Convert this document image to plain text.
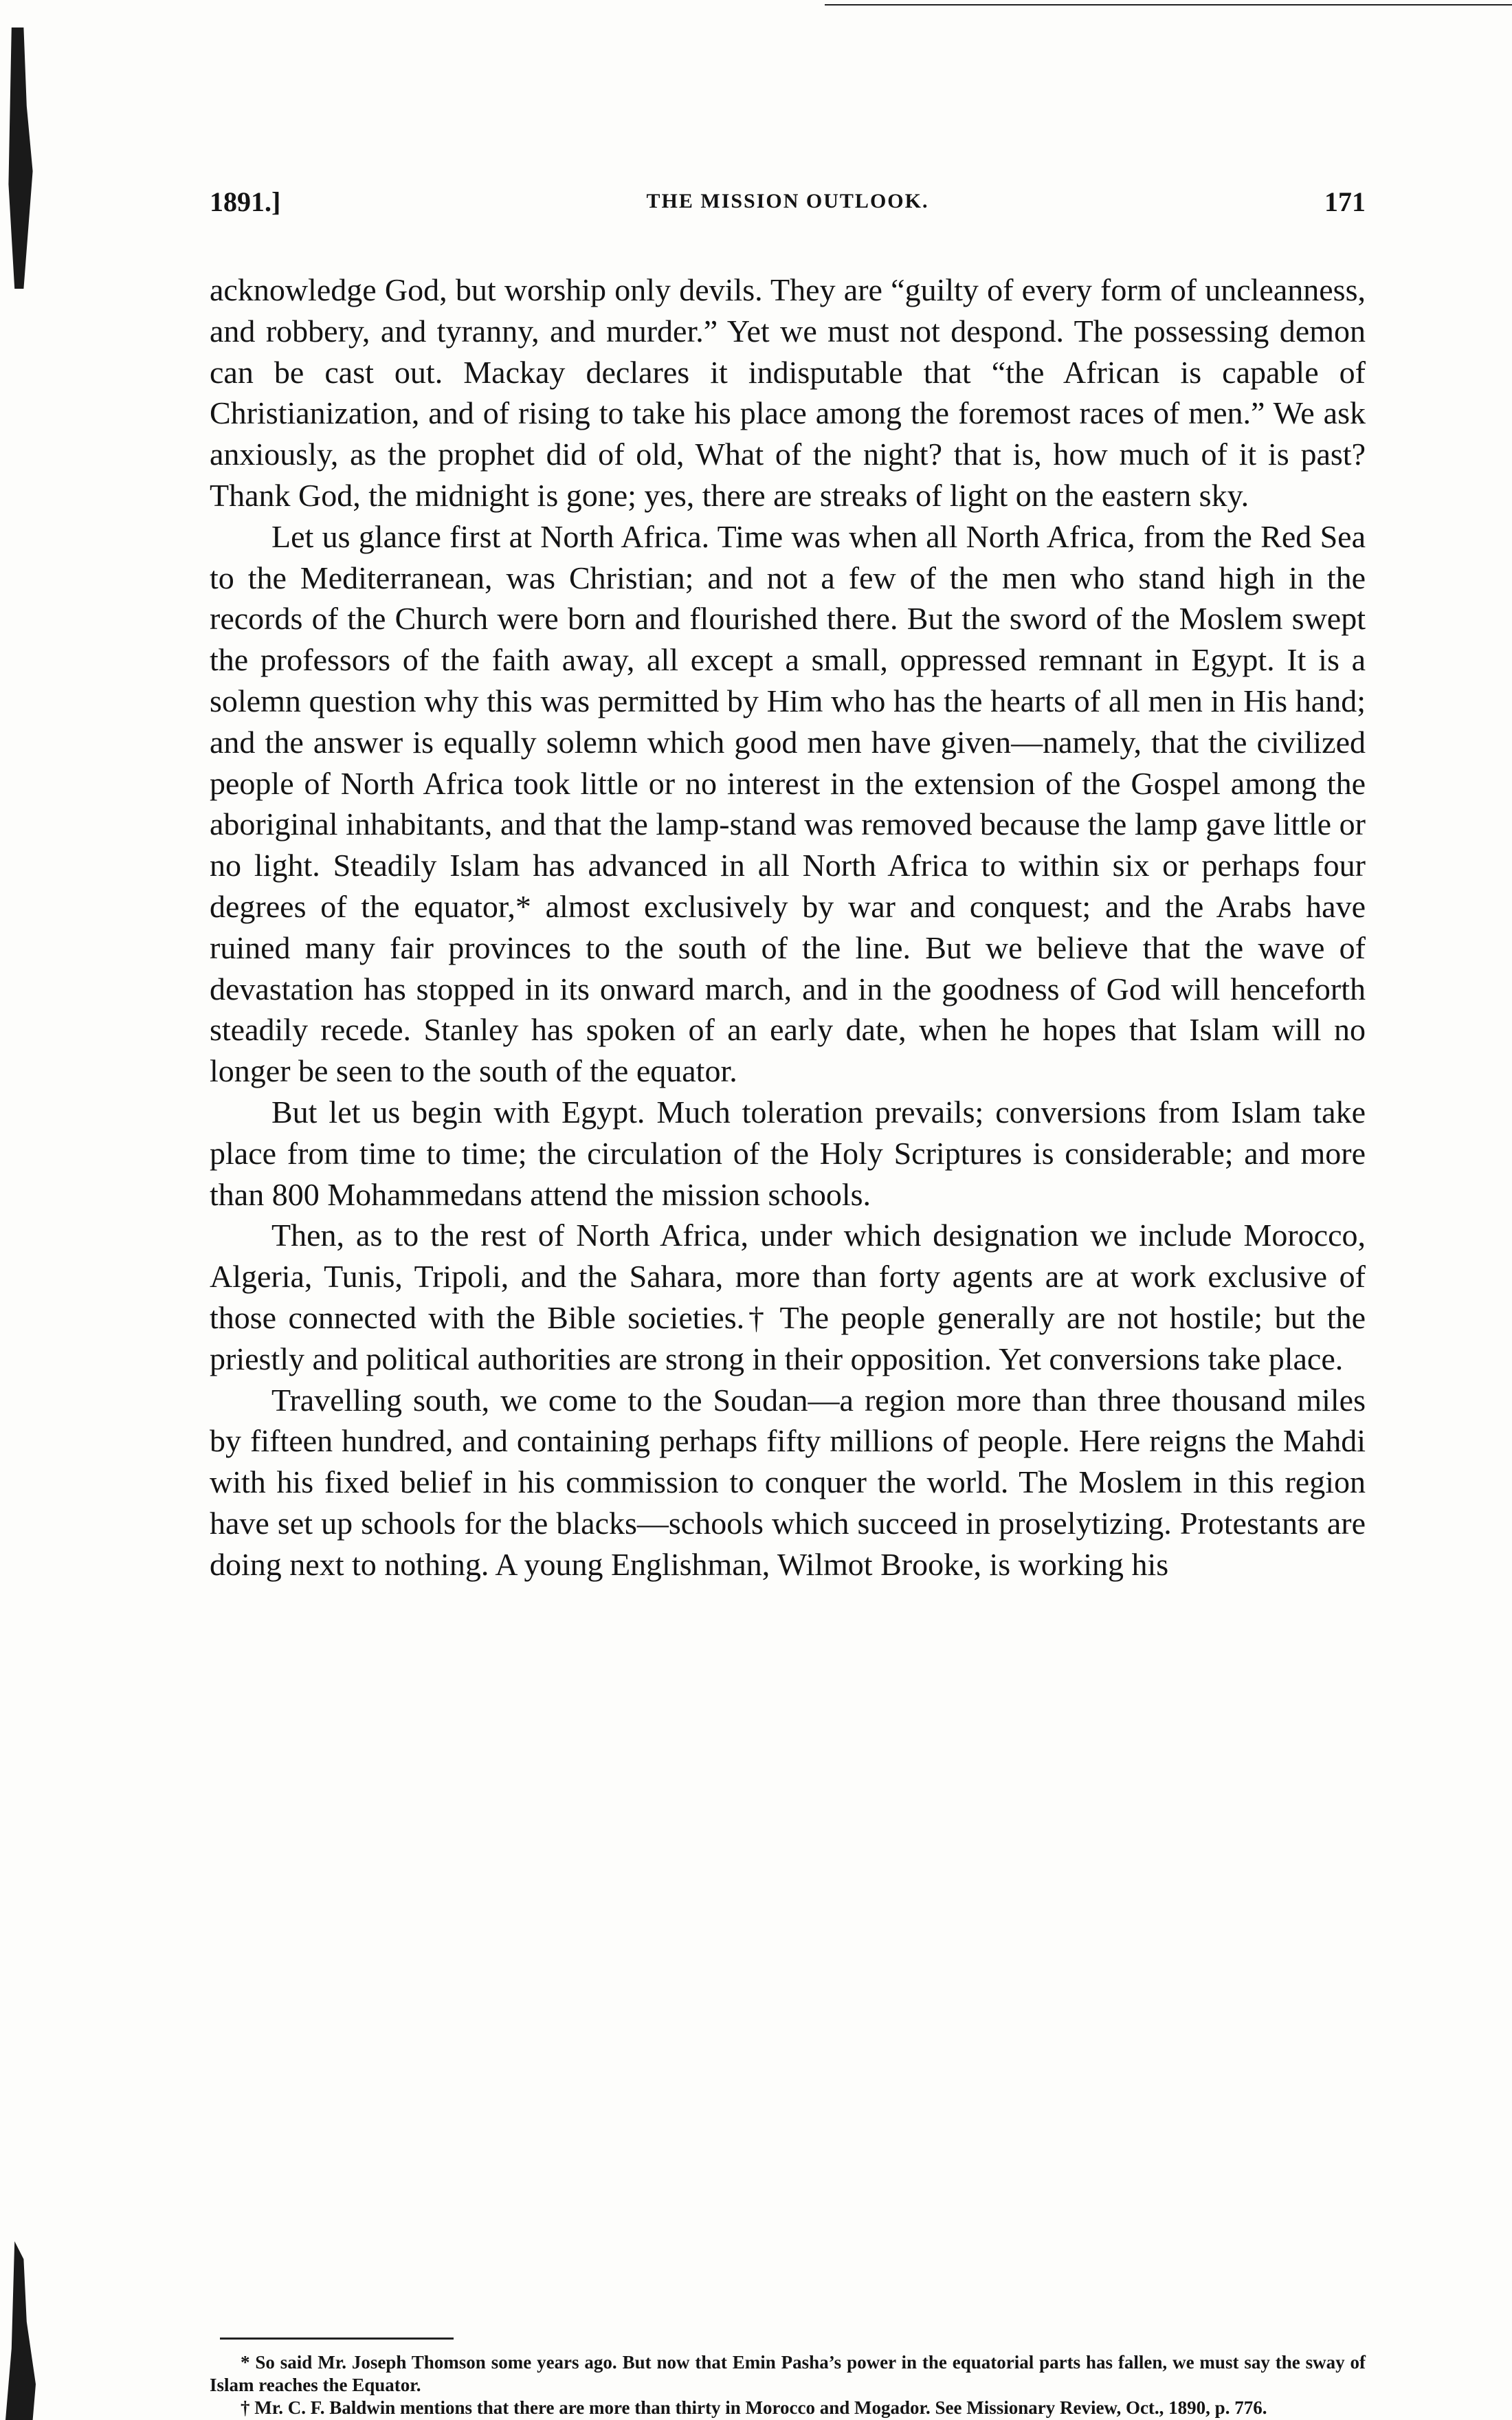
1891.]	THE MISSION OUTLOOK.	171

acknowledge God, but worship only devils. They are “guilty of every form of uncleanness, and robbery, and tyranny, and murder.” Yet we must not despond. The possessing demon can be cast out. Mackay declares it indisputable that “the African is capable of Christianization, and of rising to take his place among the foremost races of men.” We ask anxiously, as the prophet did of old, What of the night? that is, how much of it is past? Thank God, the midnight is gone; yes, there are streaks of light on the eastern sky.

Let us glance first at North Africa. Time was when all North Africa, from the Red Sea to the Mediterranean, was Christian; and not a few of the men who stand high in the records of the Church were born and flourished there. But the sword of the Moslem swept the professors of the faith away, all except a small, oppressed remnant in Egypt. It is a solemn question why this was permitted by Him who has the hearts of all men in His hand; and the answer is equally solemn which good men have given—namely, that the civilized people of North Africa took little or no interest in the extension of the Gospel among the aboriginal inhabitants, and that the lamp-stand was removed because the lamp gave little or no light. Steadily Islam has advanced in all North Africa to within six or perhaps four degrees of the equator,* almost exclusively by war and conquest; and the Arabs have ruined many fair provinces to the south of the line. But we believe that the wave of devastation has stopped in its onward march, and in the goodness of God will henceforth steadily recede. Stanley has spoken of an early date, when he hopes that Islam will no longer be seen to the south of the equator.

But let us begin with Egypt. Much toleration prevails; conversions from Islam take place from time to time; the circulation of the Holy Scriptures is considerable; and more than 800 Mohammedans attend the mission schools.

Then, as to the rest of North Africa, under which designation we include Morocco, Algeria, Tunis, Tripoli, and the Sahara, more than forty agents are at work exclusive of those connected with the Bible societies.† The people generally are not hostile; but the priestly and political authorities are strong in their opposition. Yet conversions take place.

Travelling south, we come to the Soudan—a region more than three thousand miles by fifteen hundred, and containing perhaps fifty millions of people. Here reigns the Mahdi with his fixed belief in his commission to conquer the world. The Moslem in this region have set up schools for the blacks—schools which succeed in proselytizing. Protestants are doing next to nothing. A young Englishman, Wilmot Brooke, is working his

* So said Mr. Joseph Thomson some years ago. But now that Emin Pasha’s power in the equatorial parts has fallen, we must say the sway of Islam reaches the Equator.

† Mr. C. F. Baldwin mentions that there are more than thirty in Morocco and Mogador. See Missionary Review, Oct., 1890, p. 776.
